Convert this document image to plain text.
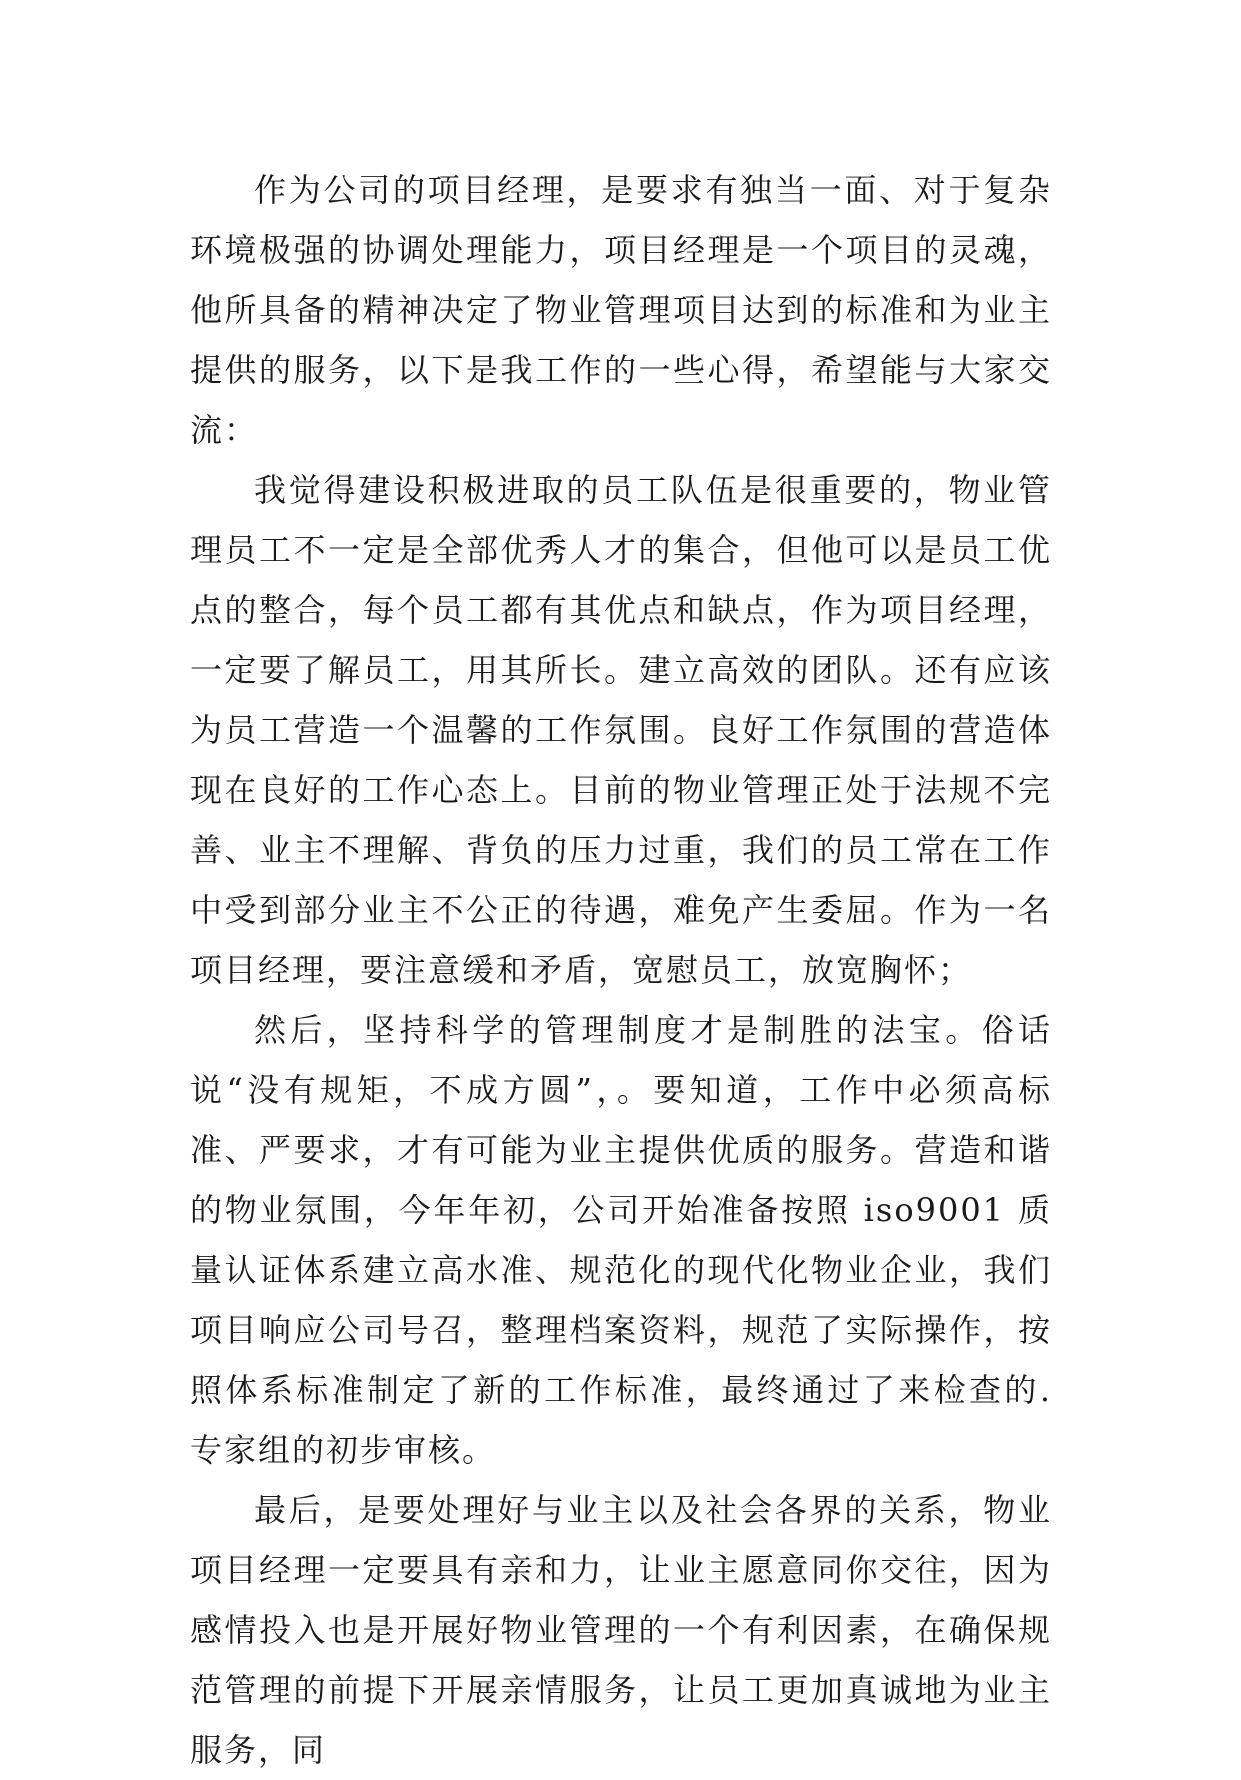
作为公司的项目经理，是要求有独当一面、对于复杂环境极强的协调处理能力，项目经理是一个项目的灵魂，他所具备的精神决定了物业管理项目达到的标准和为业主提供的服务，以下是我工作的一些心得，希望能与大家交流：

我觉得建设积极进取的员工队伍是很重要的，物业管理员工不一定是全部优秀人才的集合，但他可以是员工优点的整合，每个员工都有其优点和缺点，作为项目经理，一定要了解员工，用其所长。建立高效的团队。还有应该为员工营造一个温馨的工作氛围。良好工作氛围的营造体现在良好的工作心态上。目前的物业管理正处于法规不完善、业主不理解、背负的压力过重，我们的员工常在工作中受到部分业主不公正的待遇，难免产生委屈。作为一名项目经理，要注意缓和矛盾，宽慰员工，放宽胸怀；

然后，坚持科学的管理制度才是制胜的法宝。俗话说“没有规矩，不成方圆”，。要知道，工作中必须高标准、严要求，才有可能为业主提供优质的服务。营造和谐的物业氛围，今年年初，公司开始准备按照 iso9001 质量认证体系建立高水准、规范化的现代化物业企业，我们项目响应公司号召，整理档案资料，规范了实际操作，按照体系标准制定了新的工作标准，最终通过了来检查的.专家组的初步审核。

最后，是要处理好与业主以及社会各界的关系，物业项目经理一定要具有亲和力，让业主愿意同你交往，因为感情投入也是开展好物业管理的一个有利因素，在确保规范管理的前提下开展亲情服务，让员工更加真诚地为业主服务，同
